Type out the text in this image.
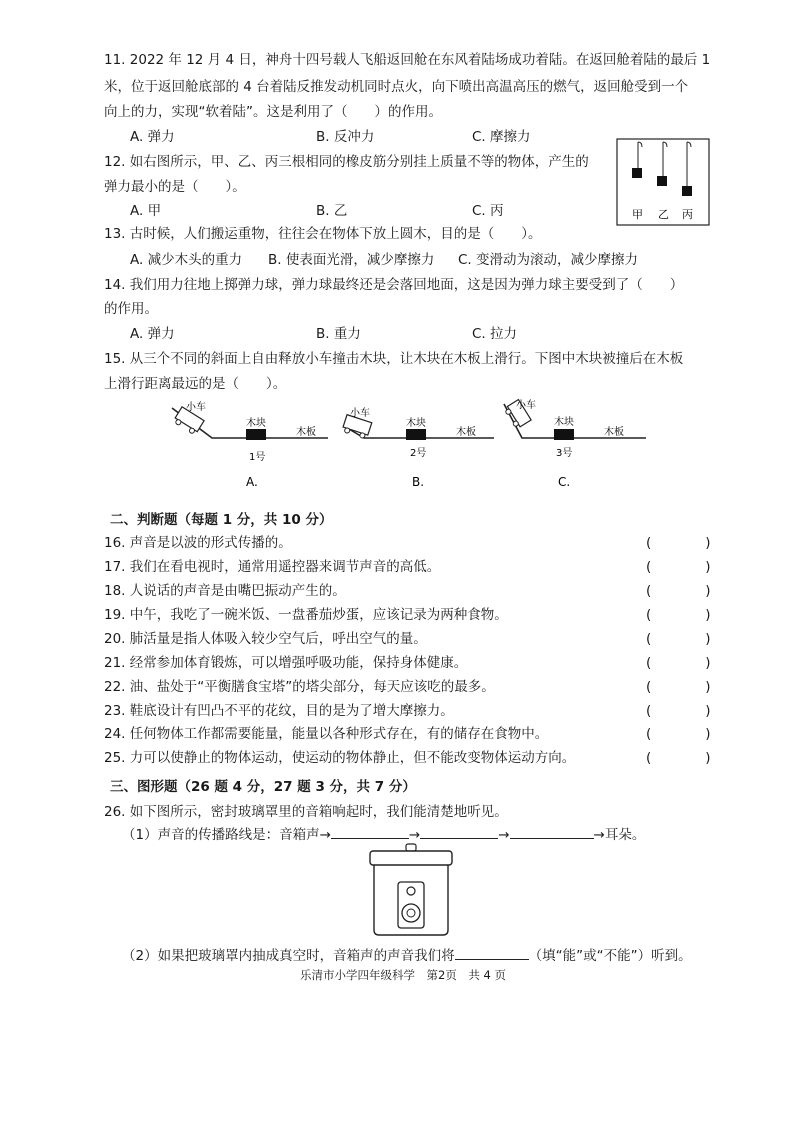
11. 2022 年 12 月 4 日，神舟十四号载人飞船返回舱在东风着陆场成功着陆。在返回舱着陆的最后 1
米，位于返回舱底部的 4 台着陆反推发动机同时点火，向下喷出高温高压的燃气，返回舱受到一个
向上的力，实现“软着陆”。这是利用了（　　）的作用。
A. 弹力	B. 反冲力	C. 摩擦力
12. 如右图所示，甲、乙、丙三根相同的橡皮筋分别挂上质量不等的物体，产生的
弹力最小的是（　　）。
A. 甲	B. 乙	C. 丙	甲 乙 丙
13. 古时候，人们搬运重物，往往会在物体下放上圆木，目的是（　　）。
A. 减少木头的重力 B. 使表面光滑，减少摩擦力 C. 变滑动为滚动，减少摩擦力
14. 我们用力往地上掷弹力球，弹力球最终还是会落回地面，这是因为弹力球主要受到了（　　）
的作用。
A. 弹力	B. 重力	C. 拉力
15. 从三个不同的斜面上自由释放小车撞击木块，让木块在木板上滑行。下图中木块被撞后在木板
上滑行距离最远的是（　　）。
小车
木块
木板
1号
A.
小车
木块
木板
2号
B.
小车
木块
木板
3号
C.
二、判断题（每题 1 分，共 10 分）
16. 声音是以波的形式传播的。	(　　　　)
17. 我们在看电视时，通常用遥控器来调节声音的高低。	(　　　　)
18. 人说话的声音是由嘴巴振动产生的。	(　　　　)
19. 中午，我吃了一碗米饭、一盘番茄炒蛋，应该记录为两种食物。	(　　　　)
20. 肺活量是指人体吸入较少空气后，呼出空气的量。	(　　　　)
21. 经常参加体育锻炼，可以增强呼吸功能，保持身体健康。	(　　　　)
22. 油、盐处于“平衡膳食宝塔”的塔尖部分，每天应该吃的最多。	(　　　　)
23. 鞋底设计有凹凸不平的花纹，目的是为了增大摩擦力。	(　　　　)
24. 任何物体工作都需要能量，能量以各种形式存在，有的储存在食物中。	(　　　　)
25. 力可以使静止的物体运动，使运动的物体静止，但不能改变物体运动方向。	(　　　　)
三、图形题（26 题 4 分，27 题 3 分，共 7 分）
26. 如下图所示，密封玻璃罩里的音箱响起时，我们能清楚地听见。
（1）声音的传播路线是：音箱声→	→	→	→耳朵。
（2）如果把玻璃罩内抽成真空时，音箱声的声音我们将	（填“能”或“不能”）听到。
乐清市小学四年级科学　第2页　共 4 页
